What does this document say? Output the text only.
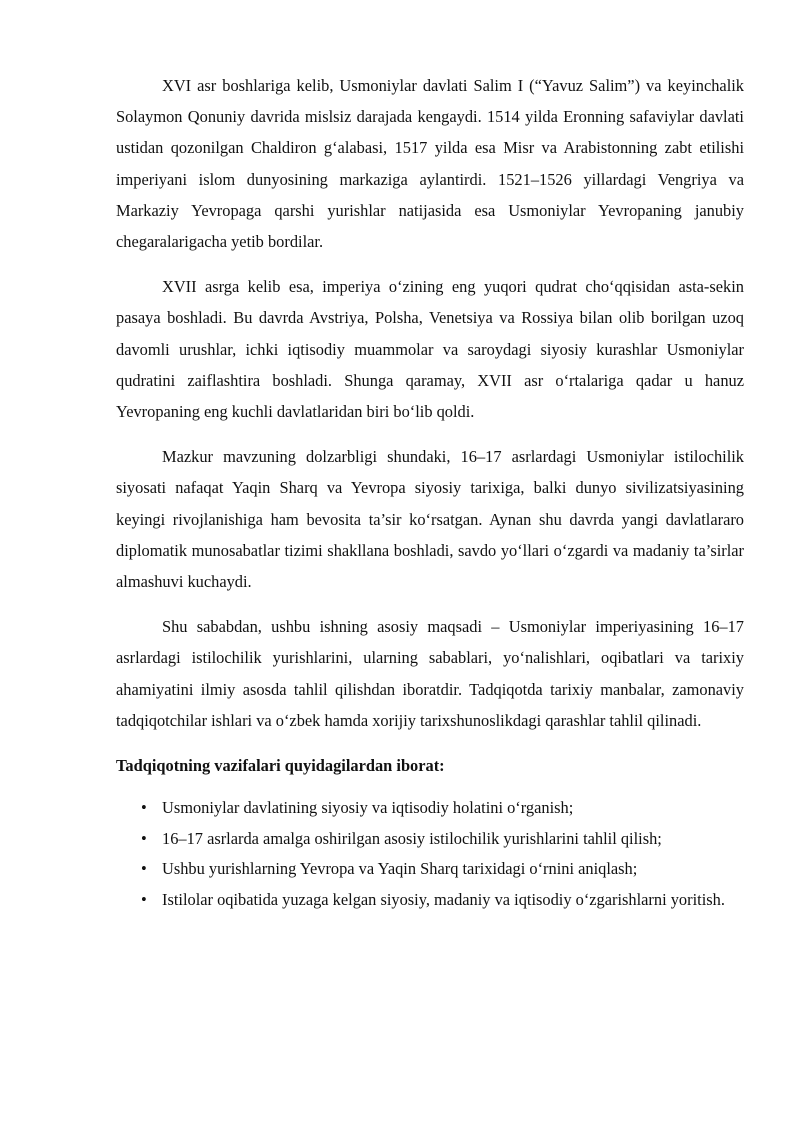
XVI asr boshlariga kelib, Usmoniylar davlati Salim I (“Yavuz Salim”) va keyinchalik Solaymon Qonuniy davrida mislsiz darajada kengaydi. 1514 yilda Eronning safaviylar davlati ustidan qozonilgan Chaldiron g‘alabasi, 1517 yilda esa Misr va Arabistonning zabt etilishi imperiyani islom dunyosining markaziga aylantirdi. 1521–1526 yillardagi Vengriya va Markaziy Yevropaga qarshi yurishlar natijasida esa Usmoniylar Yevropaning janubiy chegaralarigacha yetib bordilar.

XVII asrga kelib esa, imperiya o‘zining eng yuqori qudrat cho‘qqisidan asta-sekin pasaya boshladi. Bu davrda Avstriya, Polsha, Venetsiya va Rossiya bilan olib borilgan uzoq davomli urushlar, ichki iqtisodiy muammolar va saroydagi siyosiy kurashlar Usmoniylar qudratini zaiflashtira boshladi. Shunga qaramay, XVII asr o‘rtalariga qadar u hanuz Yevropaning eng kuchli davlatlaridan biri bo‘lib qoldi.

Mazkur mavzuning dolzarbligi shundaki, 16–17 asrlardagi Usmoniylar istilochilik siyosati nafaqat Yaqin Sharq va Yevropa siyosiy tarixiga, balki dunyo sivilizatsiyasining keyingi rivojlanishiga ham bevosita ta’sir ko‘rsatgan. Aynan shu davrda yangi davlatlararo diplomatik munosabatlar tizimi shakllana boshladi, savdo yo‘llari o‘zgardi va madaniy ta’sirlar almashuvi kuchaydi.

Shu sababdan, ushbu ishning asosiy maqsadi – Usmoniylar imperiyasining 16–17 asrlardagi istilochilik yurishlarini, ularning sabablari, yo‘nalishlari, oqibatlari va tarixiy ahamiyatini ilmiy asosda tahlil qilishdan iboratdir. Tadqiqotda tarixiy manbalar, zamonaviy tadqiqotchilar ishlari va o‘zbek hamda xorijiy tarixshunoslikdagi qarashlar tahlil qilinadi.

Tadqiqotning vazifalari quyidagilardan iborat:

• Usmoniylar davlatining siyosiy va iqtisodiy holatini o‘rganish;
• 16–17 asrlarda amalga oshirilgan asosiy istilochilik yurishlarini tahlil qilish;
• Ushbu yurishlarning Yevropa va Yaqin Sharq tarixidagi o‘rnini aniqlash;
• Istilolar oqibatida yuzaga kelgan siyosiy, madaniy va iqtisodiy o‘zgarishlarni yoritish.
